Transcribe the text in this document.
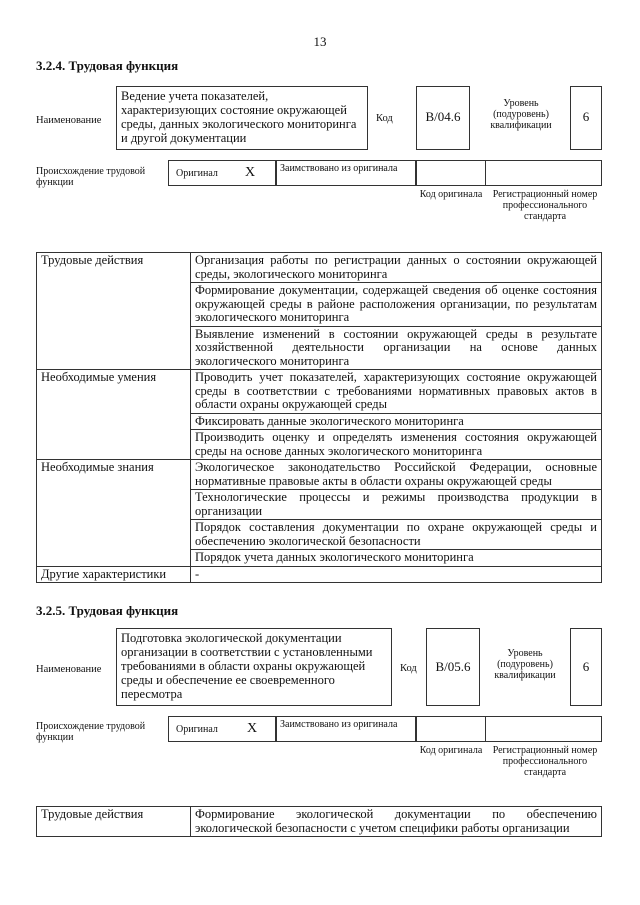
13
3.2.4. Трудовая функция
Наименование
Ведение учета показателей, характеризующих состояние окружающей среды, данных экологического мониторинга и другой документации
Код	B/04.6
Уровень (подуровень) квалификации
6
Происхождение трудовой функции
Оригинал X Заимствовано из оригинала
Код оригинала	Регистрационный номер профессионального стандарта
Трудовые действия	Организация работы по регистрации данных о состоянии окружающей среды, экологического мониторинга
	Формирование документации, содержащей сведения об оценке состояния окружающей среды в районе расположения организации, по результатам экологического мониторинга
	Выявление изменений в состоянии окружающей среды в результате хозяйственной деятельности организации на основе данных экологического мониторинга
Необходимые умения	Проводить учет показателей, характеризующих состояние окружающей среды в соответствии с требованиями нормативных правовых актов в области охраны окружающей среды
	Фиксировать данные экологического мониторинга
	Производить оценку и определять изменения состояния окружающей среды на основе данных экологического мониторинга
Необходимые знания	Экологическое законодательство Российской Федерации, основные нормативные правовые акты в области охраны окружающей среды
	Технологические процессы и режимы производства продукции в организации
	Порядок составления документации по охране окружающей среды и обеспечению экологической безопасности
	Порядок учета данных экологического мониторинга
Другие характеристики	-
3.2.5. Трудовая функция
Наименование
Подготовка экологической документации организации в соответствии с установленными требованиями в области охраны окружающей среды и обеспечение ее своевременного пересмотра
Код	B/05.6
Уровень (подуровень) квалификации
6
Происхождение трудовой функции
Оригинал X Заимствовано из оригинала
Код оригинала	Регистрационный номер профессионального стандарта
Трудовые действия	Формирование экологической документации по обеспечению экологической безопасности с учетом специфики работы организации
